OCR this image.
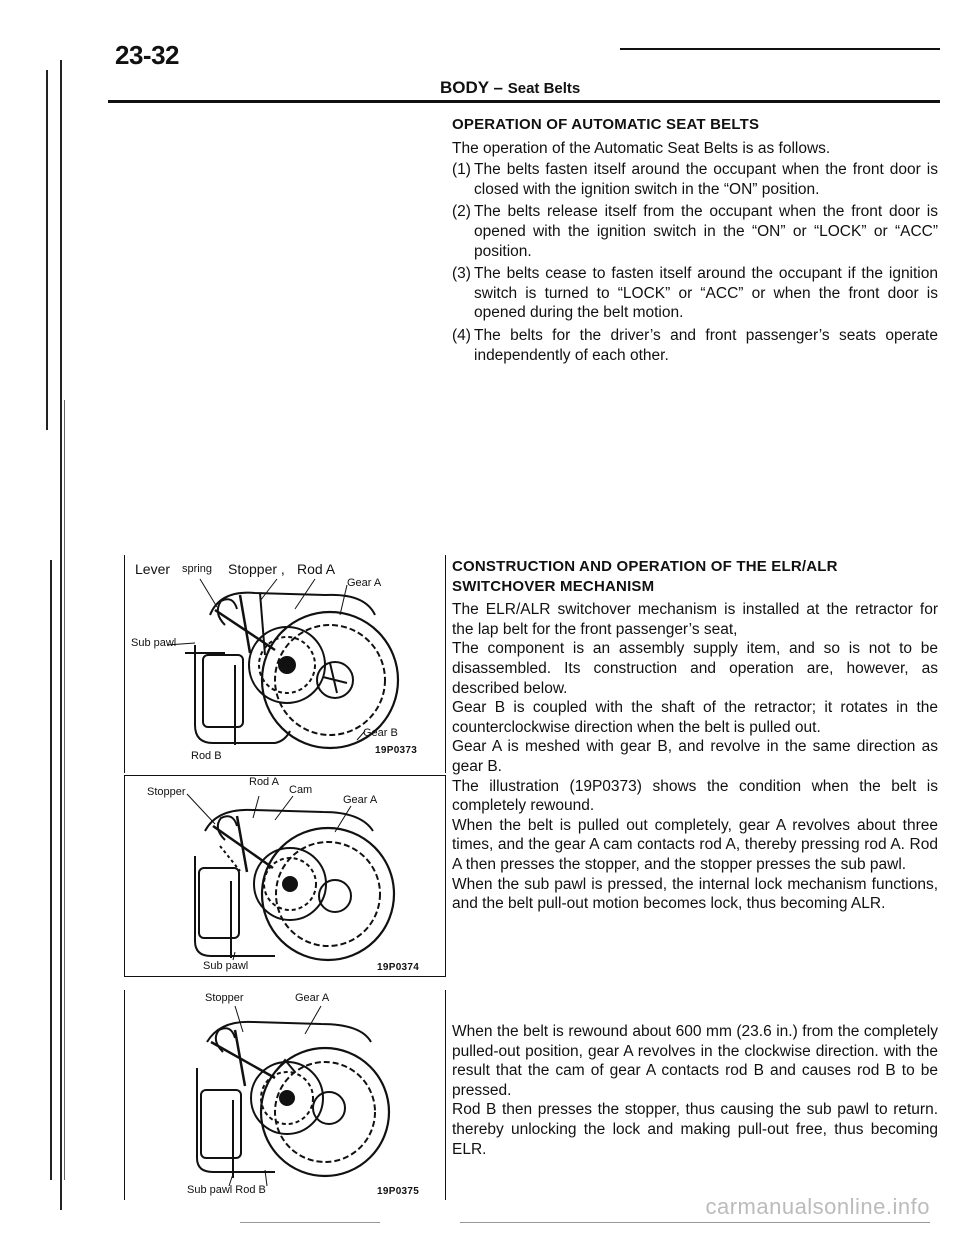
23-32
BODY – Seat Belts
OPERATION OF AUTOMATIC SEAT BELTS

The operation of the Automatic Seat Belts is as follows.

(1) The belts fasten itself around the occupant when the front door is closed with the ignition switch in the “ON” position.
(2) The belts release itself from the occupant when the front door is opened with the ignition switch in the “ON” or “LOCK” or “ACC” position.
(3) The belts cease to fasten itself around the occupant if the ignition switch is turned to “LOCK” or “ACC” or when the front door is opened during the belt motion.
(4) The belts for the driver’s and front passenger’s seats operate independently of each other.
CONSTRUCTION AND OPERATION OF THE ELR/ALR SWITCHOVER MECHANISM

The ELR/ALR switchover mechanism is installed at the retractor for the lap belt for the front passenger’s seat,

The component is an assembly supply item, and so is not to be disassembled. Its construction and operation are, however, as described below.

Gear B is coupled with the shaft of the retractor; it rotates in the counterclockwise direction when the belt is pulled out.

Gear A is meshed with gear B, and revolve in the same direction as gear B.

The illustration (19P0373) shows the condition when the belt is completely rewound.

When the belt is pulled out completely, gear A revolves about three times, and the gear A cam contacts rod A, thereby pressing rod A. Rod A then presses the stopper, and the stopper presses the sub pawl.

When the sub pawl is pressed, the internal lock mechanism functions, and the belt pull-out motion becomes lock, thus becoming ALR.

When the belt is rewound about 600 mm (23.6 in.) from the completely pulled-out position, gear A revolves in the clockwise direction. with the result that the cam of gear A contacts rod B and causes rod B to be pressed.

Rod B then presses the stopper, thus causing the sub pawl to return. thereby unlocking the lock and making pull-out free, thus becoming ELR.

Lever spring Stopper , Rod A
Gear A
Sub pawl
Gear B
Rod B	19P0373
Stopper
Rod A
Cam
Gear A
Sub pawl	19P0374
Stopper	Gear A
Sub pawl Rod B	19P0375
carmanualsonline.info
